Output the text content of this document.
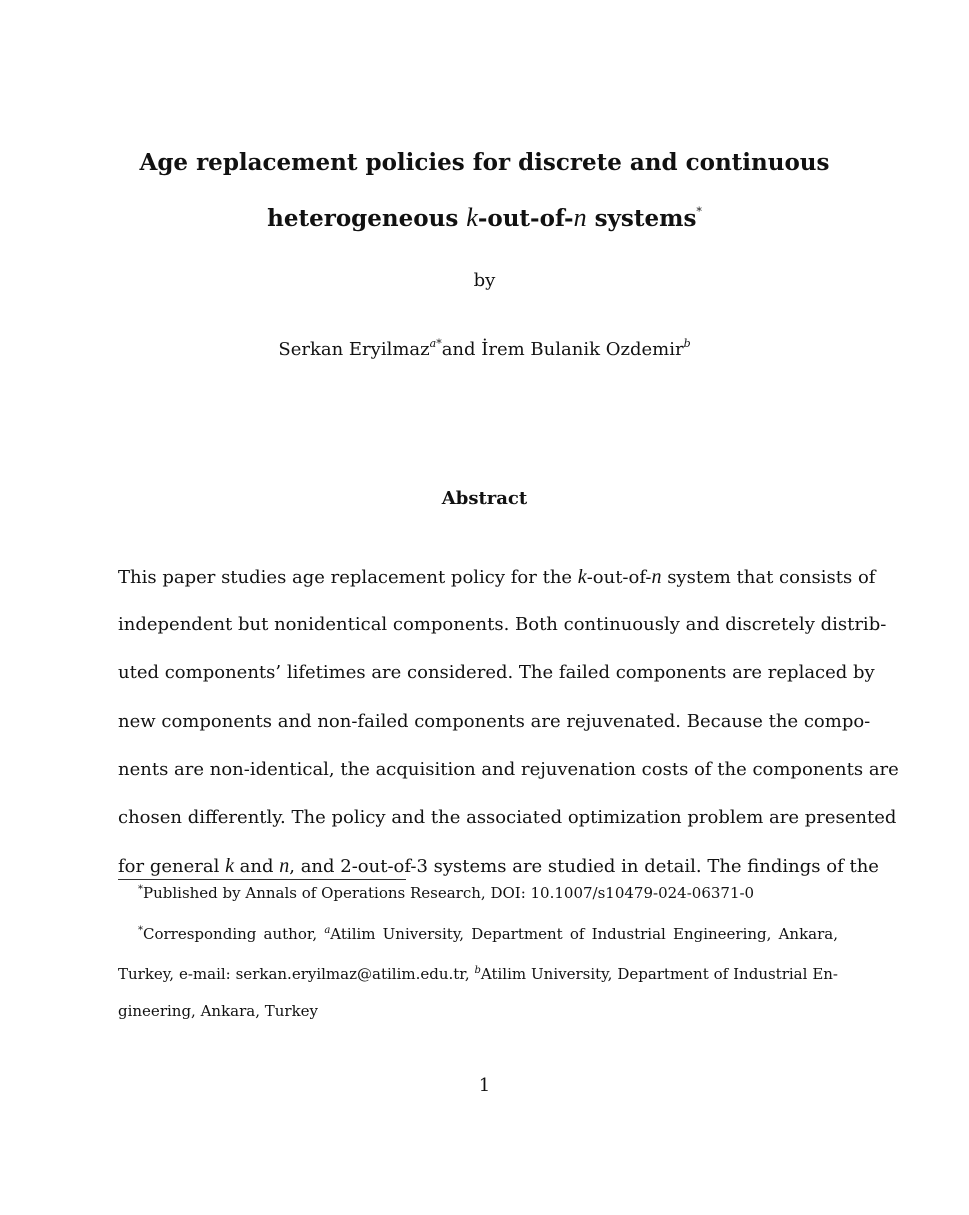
Age replacement policies for discrete and continuous
heterogeneous k-out-of-n systems*
by
Serkan Eryilmaz$^{a*}$and İrem Bulanik Ozdemir$^b$
Abstract
This paper studies age replacement policy for the k-out-of-n system that consists of
independent but nonidentical components. Both continuously and discretely distrib-
uted components’ lifetimes are considered. The failed components are replaced by
new components and non-failed components are rejuvenated. Because the compo-
nents are non-identical, the acquisition and rejuvenation costs of the components are
chosen differently. The policy and the associated optimization problem are presented
for general k and n, and 2-out-of-3 systems are studied in detail. The findings of the
*Published by Annals of Operations Research, DOI: 10.1007/s10479-024-06371-0
*Corresponding author, $^a$Atilim University, Department of Industrial Engineering, Ankara,
Turkey, e-mail: serkan.eryilmaz@atilim.edu.tr, $^b$Atilim University, Department of Industrial En-
gineering, Ankara, Turkey
1
